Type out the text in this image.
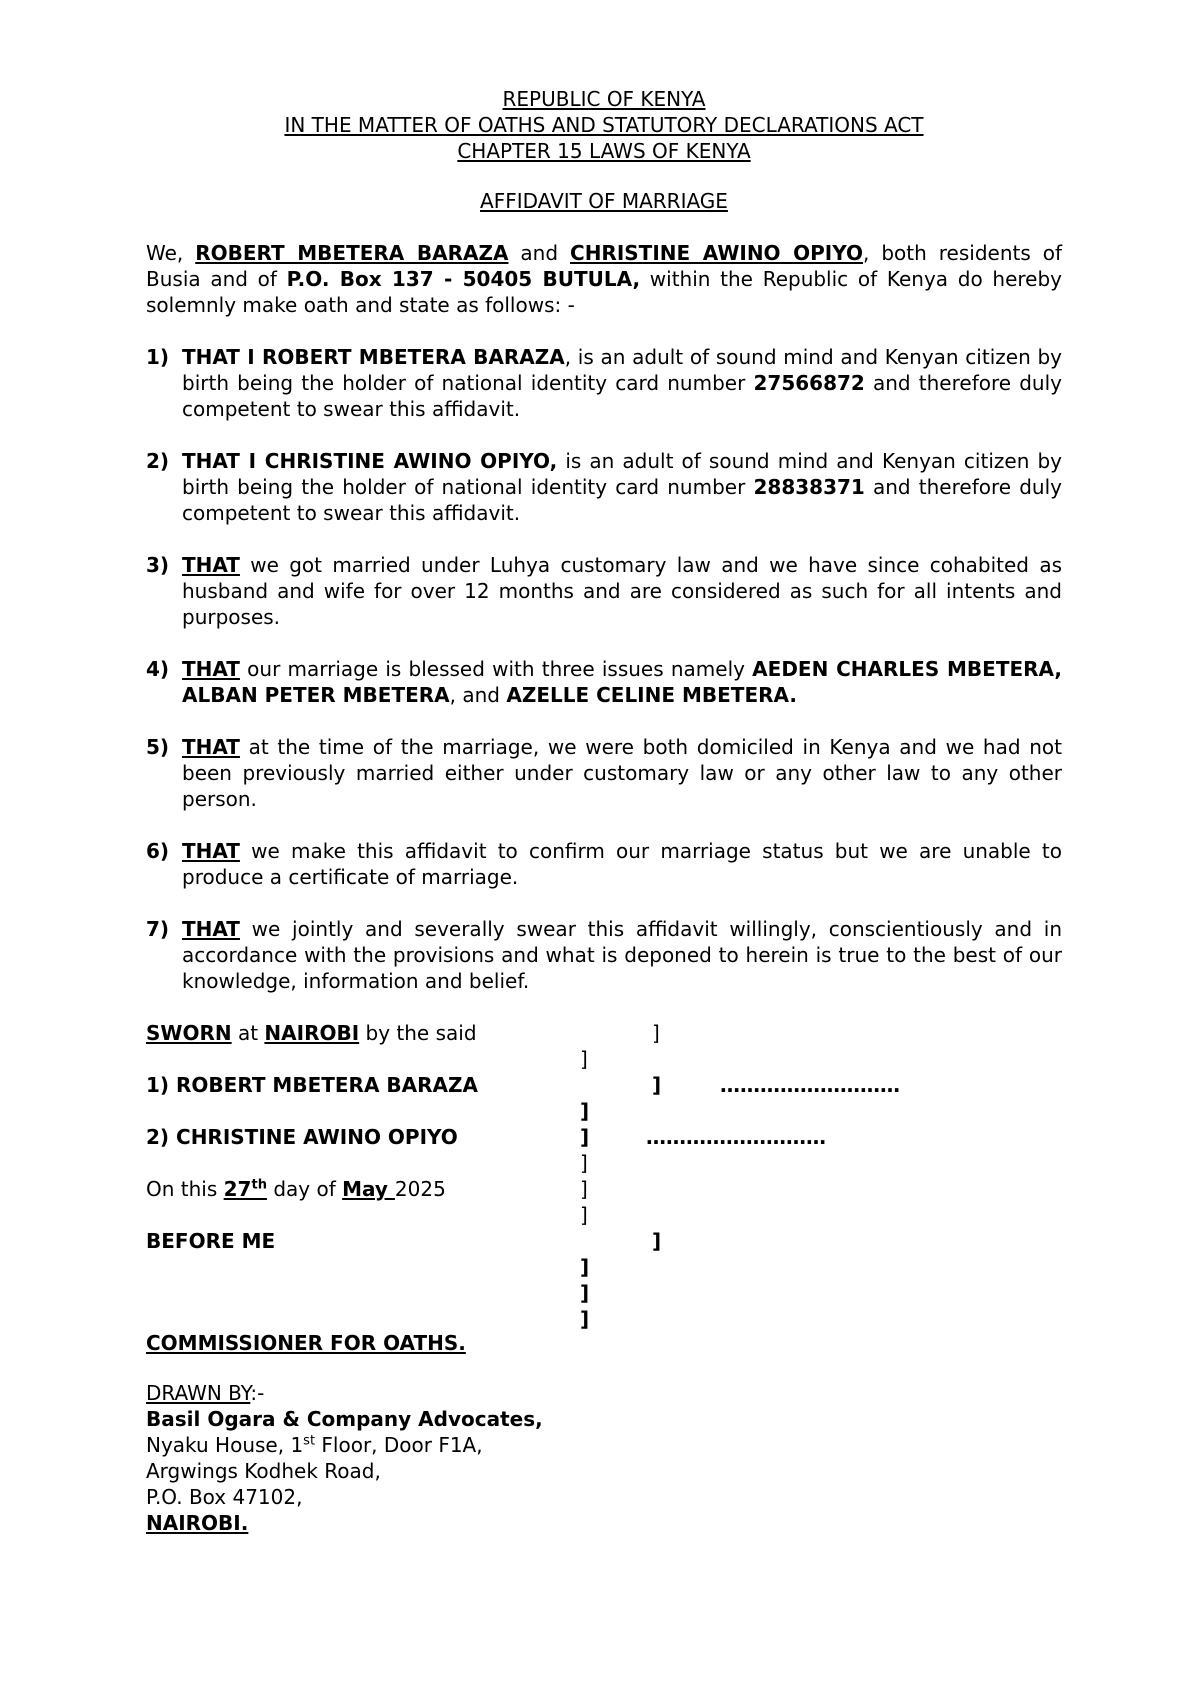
REPUBLIC OF KENYA
IN THE MATTER OF OATHS AND STATUTORY DECLARATIONS ACT
CHAPTER 15 LAWS OF KENYA
AFFIDAVIT OF MARRIAGE
We, ROBERT MBETERA BARAZA and CHRISTINE AWINO OPIYO, both residents of Busia and of P.O. Box 137 - 50405 BUTULA, within the Republic of Kenya do hereby solemnly make oath and state as follows: -
1) THAT I ROBERT MBETERA BARAZA, is an adult of sound mind and Kenyan citizen by birth being the holder of national identity card number 27566872 and therefore duly competent to swear this affidavit.
2) THAT I CHRISTINE AWINO OPIYO, is an adult of sound mind and Kenyan citizen by birth being the holder of national identity card number 28838371 and therefore duly competent to swear this affidavit.
3) THAT we got married under Luhya customary law and we have since cohabited as husband and wife for over 12 months and are considered as such for all intents and purposes.
4) THAT our marriage is blessed with three issues namely AEDEN CHARLES MBETERA, ALBAN PETER MBETERA, and AZELLE CELINE MBETERA.
5) THAT at the time of the marriage, we were both domiciled in Kenya and we had not been previously married either under customary law or any other law to any other person.
6) THAT we make this affidavit to confirm our marriage status but we are unable to produce a certificate of marriage.
7) THAT we jointly and severally swear this affidavit willingly, conscientiously and in accordance with the provisions and what is deponed to herein is true to the best of our knowledge, information and belief.
SWORN at NAIROBI by the said	]
]
1) ROBERT MBETERA BARAZA	]	………………………
]
2) CHRISTINE AWINO OPIYO	]	………………………
]
On this 27th day of May 2025	]
]
BEFORE ME	]
]
]
]
COMMISSIONER FOR OATHS.
DRAWN BY:-
Basil Ogara & Company Advocates,
Nyaku House, 1st Floor, Door F1A,
Argwings Kodhek Road,
P.O. Box 47102,
NAIROBI.
